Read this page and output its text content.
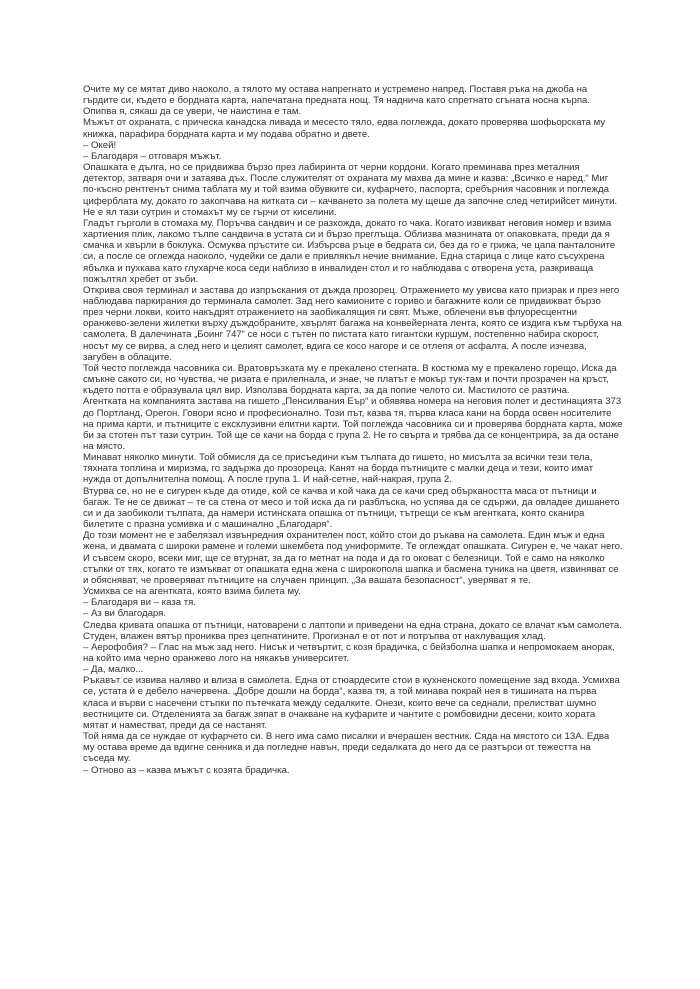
Очите му се мятат диво наоколо, а тялото му остава напрегнато и устремено напред. Поставя ръка на джоба на гърдите си, където е бордната карта, напечатана предната нощ. Тя надничa като спретнато сгъната носна кърпа. Опипва я, сякаш да се увери, че наистина е там.

Мъжът от охраната, с прическа канадска ливада и месесто тяло, едва поглежда, докато проверява шофьорската му книжка, парафира бордната карта и му подава обратно и двете.

– Окей!

– Благодаря – отговаря мъжът.

Опашката е дълга, но се придвижва бързо през лабиринта от черни кордони. Когато преминава през металния детектор, затваря очи и затаява дъх. После служителят от охраната му махва да мине и казва: „Всичко е наред.“ Миг по-късно рентгенът снима таблата му и той взима обувките си, куфарчето, паспорта, сребърния часовник и поглежда циферблата му, докато го закопчава на китката си – качването за полета му щеше да започне след четирийсет минути.

Не е ял тази сутрин и стомахът му се гърчи от киселини.

Гладът гърголи в стомаха му. Поръчва сандвич и се разхожда, докато го чака. Когато извикват неговия номер и взима хартиения плик, лакомо тълпе сандвича в устата си и бързо преглъща. Облизва мазнината от опаковката, преди да я смачка и хвърли в боклука. Осмуква пръстите си. Избърсва ръце в бедрата си, без да го е грижа, че цапа панталоните си, а после се оглежда наоколо, чудейки се дали е привлякъл нечие внимание. Една старица с лице като съсухрена ябълка и пухкава като глухарче коса седи наблизо в инвалиден стол и го наблюдава с отворена уста, разкриваща пожълтял хребет от зъби.

Открива своя терминал и застава до изпръскания от дъжда прозорец. Отражението му увисва като призрак и през него наблюдава паркирания до терминала самолет. Зад него камионите с гориво и багажните коли се придвижват бързо през черни локви, които накъдрят отражението на заобикалящия ги свят. Мъже, облечени във флуоресцентни оранжево-зелени жилетки върху дъждобраните, хвърлят багажа на конвейерната лента, която се издига към търбуха на самолета. В далечината „Боинг 747“ се носи с тътен по пистата като гигантски куршум, постепенно набира скорост, носът му се вирва, а след него и целият самолет, вдига се косо нагоре и се отлепя от асфалта. А после изчезва, загубен в облаците.

Той често поглежда часовника си. Вратовръзката му е прекалено стегната. В костюма му е прекалено горещо. Иска да смъкне сакото си, но чувства, че ризата е прилепнала, и знае, че платът е мокър тук-там и почти прозрачен на кръст, където потта е образувала цял вир. Използва бордната карта, за да попие челото си. Мастилото се разтича.

Агентката на компанията застава на гишето „Пенсилвания Еър“ и обявява номера на неговия полет и дестинацията 373 до Портланд, Орегон. Говори ясно и професионално. Този път, казва тя, първа класа кани на борда освен носителите на прима карти, и пътниците с ексклузивни елитни карти. Той поглежда часовника си и проверява бордната карта, може би за стотен път тази сутрин. Той ще се качи на борда с група 2. Не го свърта и трябва да се концентрира, за да остане на място.

Минават няколко минути. Той обмисля да се присъедини към тълпата до гишето, но мисълта за всички тези тела, тяхната топлина и миризма, го задържа до прозореца. Канят на борда пътниците с малки деца и тези, които имат нужда от допълнителна помощ. А после група 1. И най-сетне, най-накрая, група 2.

Втурва се, но не е сигурен къде да отиде, кой се качва и кой чака да се качи сред объркаността маса от пътници и багаж. Те не се движат – те са стена от месо и той иска да ги разблъска, но успява да се сдържи, да овладее дишането си и да заобиколи тълпата, да намери истинската опашка от пътници, тътрещи се към агентката, която сканира билетите с празна усмивка и с машинално „Благодаря“.

До този момент не е забелязал извънредния охранителен пост, който стои до ръкава на самолета. Един мъж и една жена, и двамата с широки рамене и големи шкембета под униформите. Те оглеждат опашката. Сигурен е, че чакат него. И съвсем скоро, всеки миг, ще се втурнат, за да го метнат на пода и да го оковат с белезници. Той е само на няколко стъпки от тях, когато те измъкват от опашката една жена с широкопола шапка и басмена туника на цветя, извиняват се и обясняват, че проверяват пътниците на случаен принцип. „За вашата безопасност“, уверяват я те.

Усмихва се на агентката, която взима билета му.

– Благодаря ви – каза тя.

– Аз ви благодаря.

Следва кривата опашка от пътници, натоварени с лаптопи и приведени на една страна, докато се влачат към самолета. Студен, влажен вятър прониква през цепнатините. Прогизнал е от пот и потръпва от нахлуващия хлад.

– Аерофобия? – Глас на мъж зад него. Нисък и четвъртит, с козя брадичка, с бейзболна шапка и непромокаем анорак, на който има черно оранжево лого на някакъв университет.

– Да, малко...

Ръкавът се извива наляво и влиза в самолета. Една от стюардесите стои в кухненското помещение зад входа. Усмихва се, устата ѝ е дебело начервена. „Добре дошли на борда“, казва тя, а той минава покрай нея в тишината на първа класа и върви с насечени стъпки по пътечката между седалките. Онези, които вече са седнали, прелистват шумно вестниците си. Отделенията за багаж зяпат в очакване на куфарите и чантите с ромбовидни десени, които хората мятат и наместват, преди да се настанят.

Той няма да се нуждае от куфарчето си. В него има само писалки и вчерашен вестник. Сяда на мястото си 13А. Едва му остава време да вдигне сенника и да погледне навън, преди седалката до него да се разтърси от тежестта на съседа му.

– Отново аз – казва мъжът с козята брадичка.
